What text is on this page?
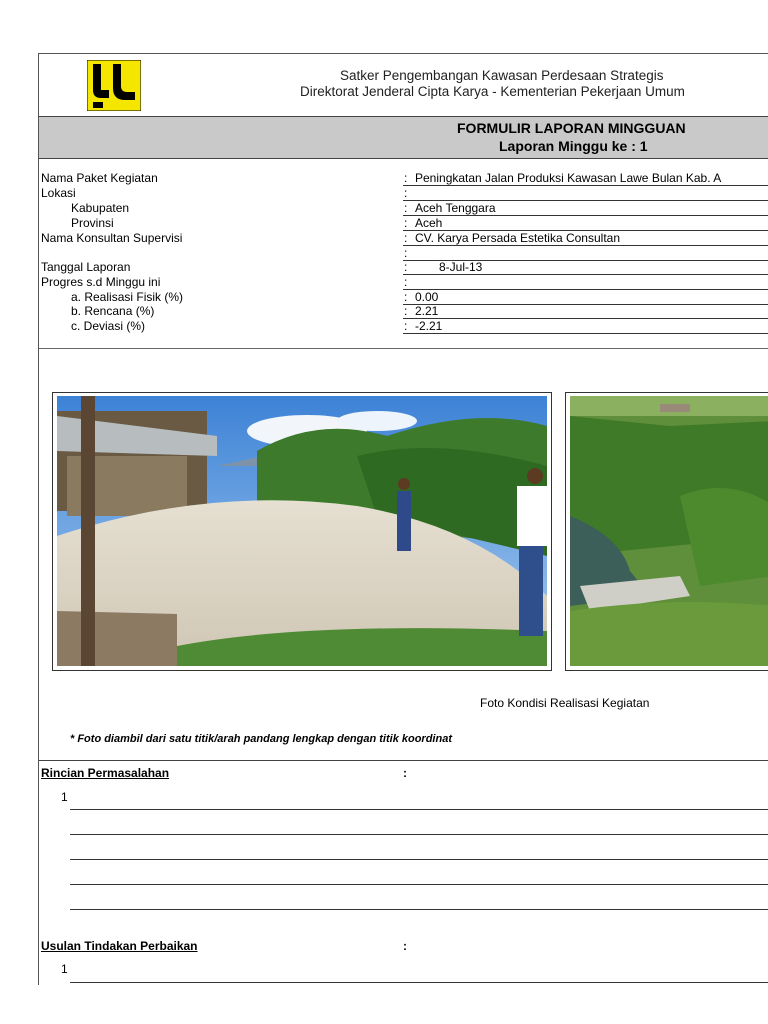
Satker Pengembangan Kawasan Perdesaan Strategis
Direktorat Jenderal Cipta Karya - Kementerian Pekerjaan Umum
FORMULIR LAPORAN MINGGUAN
Laporan Minggu ke : 1
Nama Paket Kegiatan	: Peningkatan Jalan Produksi Kawasan Lawe Bulan Kab. A
Lokasi	:
Kabupaten	: Aceh Tenggara
Provinsi	: Aceh
Nama Konsultan Supervisi	: CV. Karya Persada Estetika Consultan
:
Tanggal Laporan	:	8-Jul-13
Progres s.d Minggu ini	:
a. Realisasi Fisik (%)	: 0.00
b. Rencana (%)	: 2.21
c. Deviasi (%)	: -2.21
Foto Kondisi Realisasi Kegiatan
* Foto diambil dari satu titik/arah pandang lengkap dengan titik koordinat
Rincian Permasalahan	:
1
Usulan Tindakan Perbaikan	:
1
